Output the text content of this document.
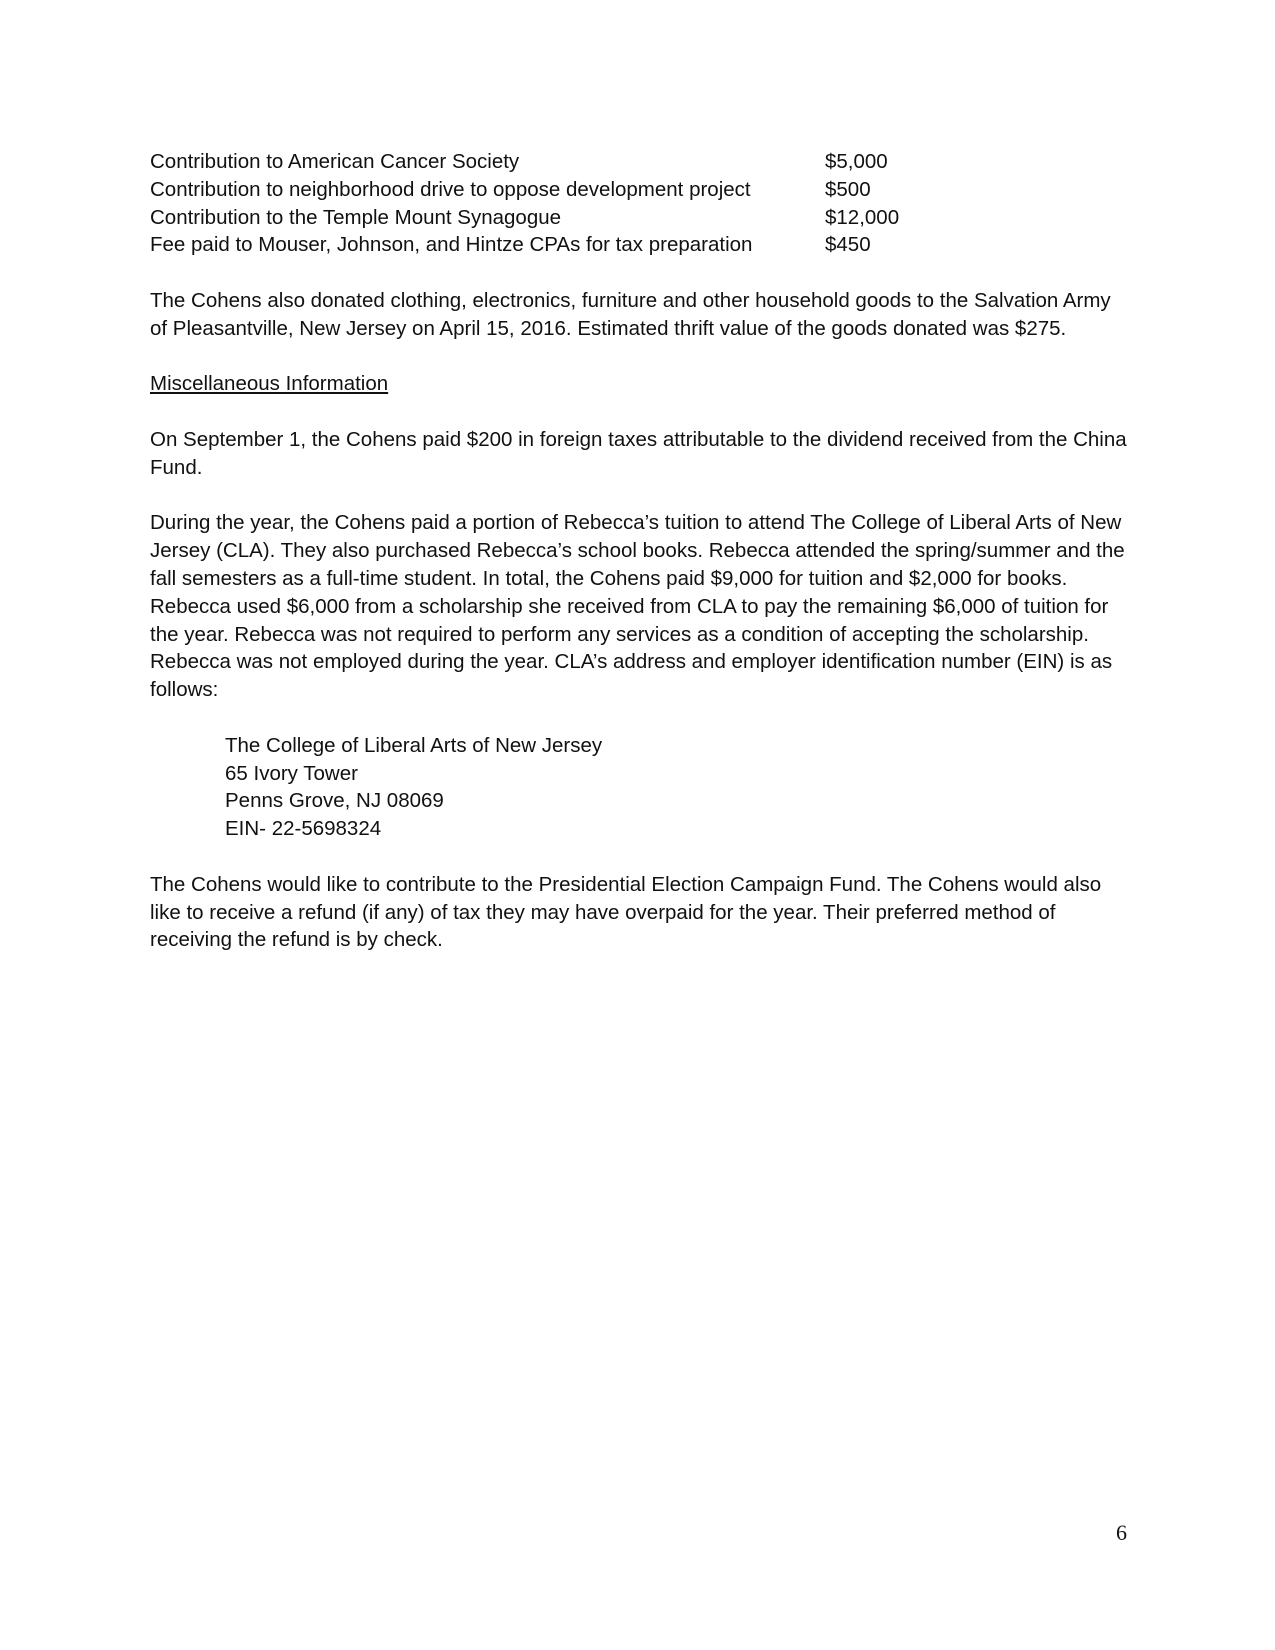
Contribution to American Cancer Society	$5,000
Contribution to neighborhood drive to oppose development project	$500
Contribution to the Temple Mount Synagogue	$12,000
Fee paid to Mouser, Johnson, and Hintze CPAs for tax preparation	$450

The Cohens also donated clothing, electronics, furniture and other household goods to the Salvation Army of Pleasantville, New Jersey on April 15, 2016. Estimated thrift value of the goods donated was $275.

Miscellaneous Information

On September 1, the Cohens paid $200 in foreign taxes attributable to the dividend received from the China Fund.

During the year, the Cohens paid a portion of Rebecca’s tuition to attend The College of Liberal Arts of New Jersey (CLA). They also purchased Rebecca’s school books. Rebecca attended the spring/summer and the fall semesters as a full-time student. In total, the Cohens paid $9,000 for tuition and $2,000 for books. Rebecca used $6,000 from a scholarship she received from CLA to pay the remaining $6,000 of tuition for the year. Rebecca was not required to perform any services as a condition of accepting the scholarship. Rebecca was not employed during the year. CLA’s address and employer identification number (EIN) is as follows:

The College of Liberal Arts of New Jersey
65 Ivory Tower
Penns Grove, NJ 08069
EIN- 22-5698324

The Cohens would like to contribute to the Presidential Election Campaign Fund. The Cohens would also like to receive a refund (if any) of tax they may have overpaid for the year. Their preferred method of receiving the refund is by check.

6
